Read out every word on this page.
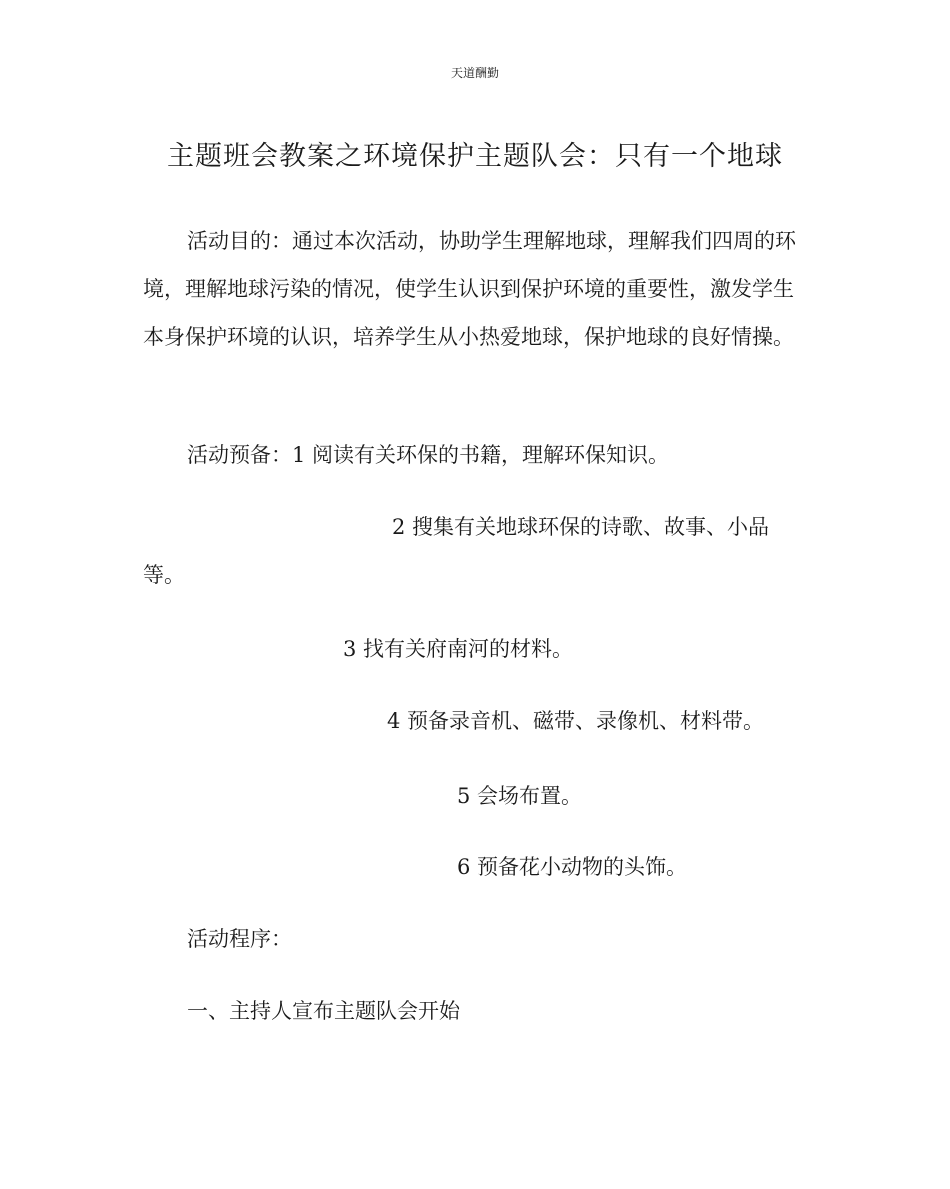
天道酬勤
主题班会教案之环境保护主题队会：只有一个地球

活动目的：通过本次活动，协助学生理解地球，理解我们四周的环境，理解地球污染的情况，使学生认识到保护环境的重要性，激发学生本身保护环境的认识，培养学生从小热爱地球，保护地球的良好情操。

活动预备：1 阅读有关环保的书籍，理解环保知识。
2 搜集有关地球环保的诗歌、故事、小品
等。
3 找有关府南河的材料。
4 预备录音机、磁带、录像机、材料带。
5 会场布置。
6 预备花小动物的头饰。
活动程序：
一、主持人宣布主题队会开始
